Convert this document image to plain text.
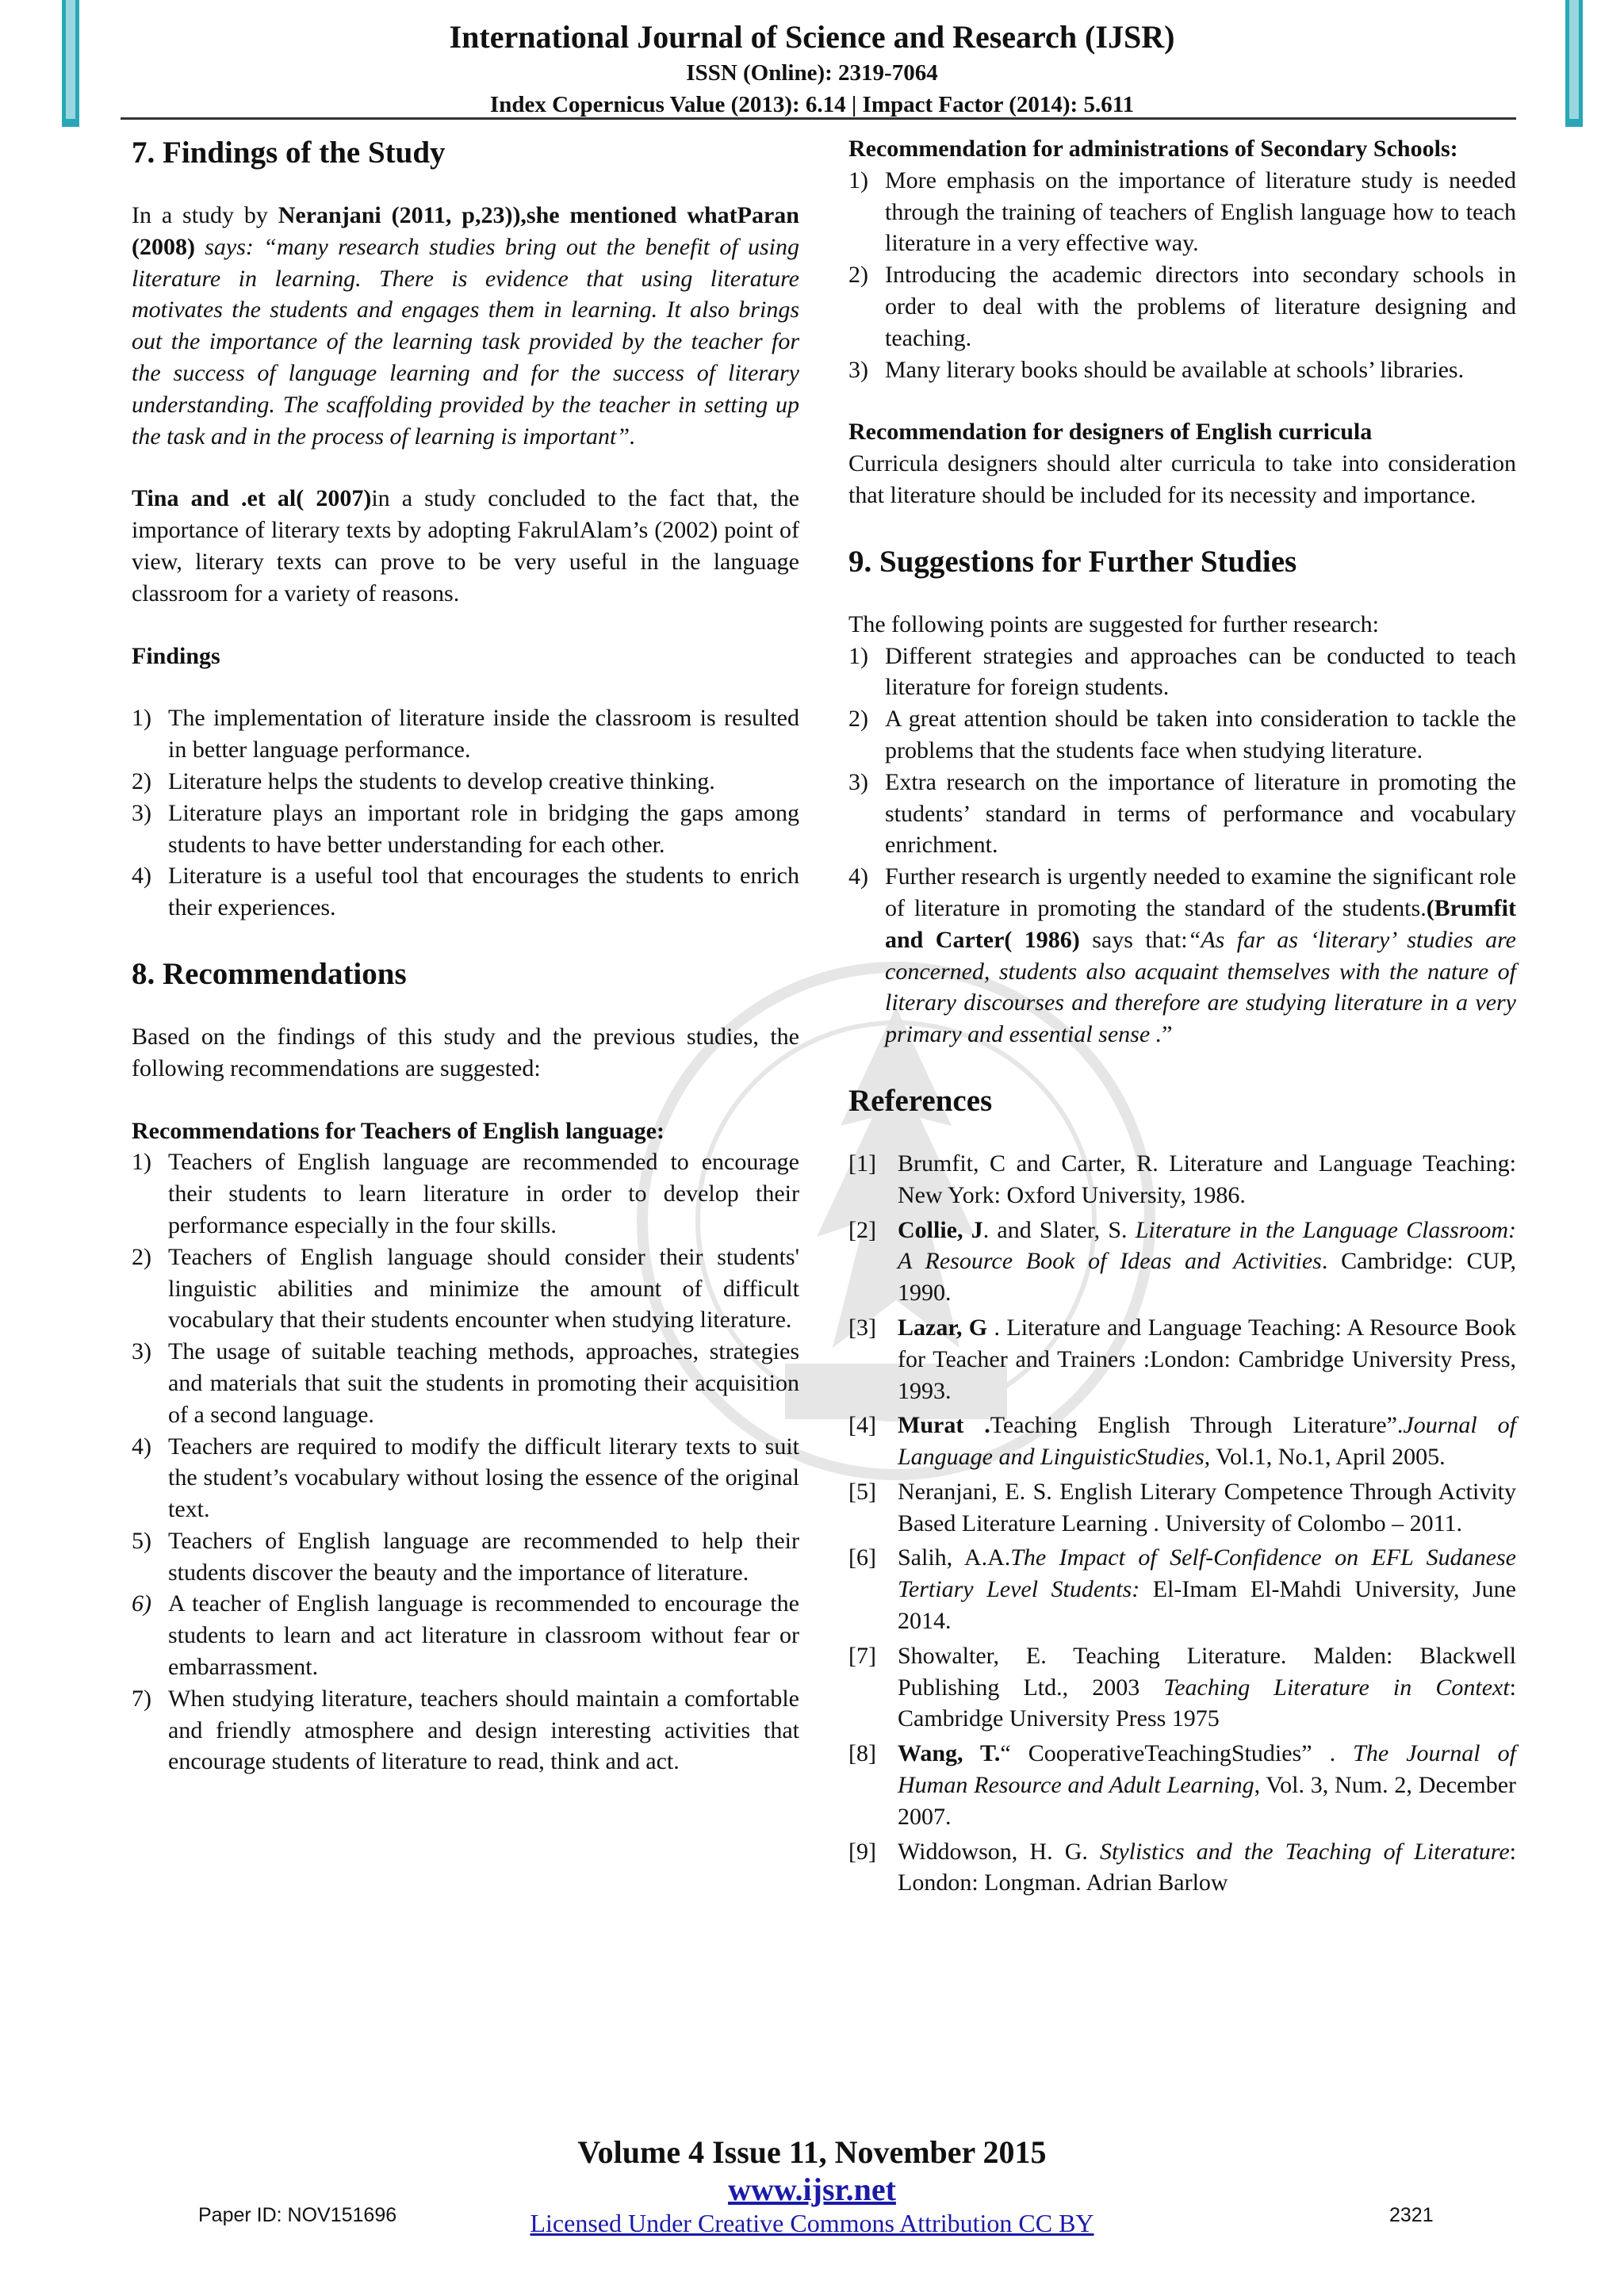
International Journal of Science and Research (IJSR)
ISSN (Online): 2319-7064
Index Copernicus Value (2013): 6.14 | Impact Factor (2014): 5.611
7. Findings of the Study

In a study by Neranjani (2011, p,23)),she mentioned whatParan (2008) says: “many research studies bring out the benefit of using literature in learning. There is evidence that using literature motivates the students and engages them in learning. It also brings out the importance of the learning task provided by the teacher for the success of language learning and for the success of literary understanding. The scaffolding provided by the teacher in setting up the task and in the process of learning is important”.

Tina and .et al( 2007)in a study concluded to the fact that, the importance of literary texts by adopting FakrulAlam’s (2002) point of view, literary texts can prove to be very useful in the language classroom for a variety of reasons.

Findings

1) The implementation of literature inside the classroom is resulted in better language performance.
2) Literature helps the students to develop creative thinking.
3) Literature plays an important role in bridging the gaps among students to have better understanding for each other.
4) Literature is a useful tool that encourages the students to enrich their experiences.
8. Recommendations

Based on the findings of this study and the previous studies, the following recommendations are suggested:

Recommendations for Teachers of English language:

1) Teachers of English language are recommended to encourage their students to learn literature in order to develop their performance especially in the four skills.
2) Teachers of English language should consider their students' linguistic abilities and minimize the amount of difficult vocabulary that their students encounter when studying literature.
3) The usage of suitable teaching methods, approaches, strategies and materials that suit the students in promoting their acquisition of a second language.
4) Teachers are required to modify the difficult literary texts to suit the student’s vocabulary without losing the essence of the original text.
5) Teachers of English language are recommended to help their students discover the beauty and the importance of literature.
6) A teacher of English language is recommended to encourage the students to learn and act literature in classroom without fear or embarrassment.
7) When studying literature, teachers should maintain a comfortable and friendly atmosphere and design interesting activities that encourage students of literature to read, think and act.

Recommendation for administrations of Secondary Schools:

1) More emphasis on the importance of literature study is needed through the training of teachers of English language how to teach literature in a very effective way.
2) Introducing the academic directors into secondary schools in order to deal with the problems of literature designing and teaching.
3) Many literary books should be available at schools’ libraries.

Recommendation for designers of English curricula

Curricula designers should alter curricula to take into consideration that literature should be included for its necessity and importance.

9. Suggestions for Further Studies

The following points are suggested for further research:

1) Different strategies and approaches can be conducted to teach literature for foreign students.
2) A great attention should be taken into consideration to tackle the problems that the students face when studying literature.
3) Extra research on the importance of literature in promoting the students’ standard in terms of performance and vocabulary enrichment.
4) Further research is urgently needed to examine the significant role of literature in promoting the standard of the students.(Brumfit and Carter( 1986) says that:“As far as ‘literary’ studies are concerned, students also acquaint themselves with the nature of literary discourses and therefore are studying literature in a very primary and essential sense .”
References
[1] Brumfit, C and Carter, R. Literature and Language Teaching: New York: Oxford University, 1986.
[2] Collie, J. and Slater, S. Literature in the Language Classroom: A Resource Book of Ideas and Activities. Cambridge: CUP, 1990.
[3] Lazar, G . Literature and Language Teaching: A Resource Book for Teacher and Trainers :London: Cambridge University Press, 1993.
[4] Murat .Teaching English Through Literature”.Journal of Language and LinguisticStudies, Vol.1, No.1, April 2005.
[5] Neranjani, E. S. English Literary Competence Through Activity Based Literature Learning . University of Colombo – 2011.
[6] Salih, A.A.The Impact of Self-Confidence on EFL Sudanese Tertiary Level Students: El-Imam El-Mahdi University, June 2014.
[7] Showalter, E. Teaching Literature. Malden: Blackwell Publishing Ltd., 2003 Teaching Literature in Context: Cambridge University Press 1975
[8] Wang, T.“ CooperativeTeachingStudies” . The Journal of Human Resource and Adult Learning, Vol. 3, Num. 2, December 2007.
[9] Widdowson, H. G. Stylistics and the Teaching of Literature: London: Longman. Adrian Barlow
Volume 4 Issue 11, November 2015
www.ijsr.net
Licensed Under Creative Commons Attribution CC BY
Paper ID: NOV151696	2321
